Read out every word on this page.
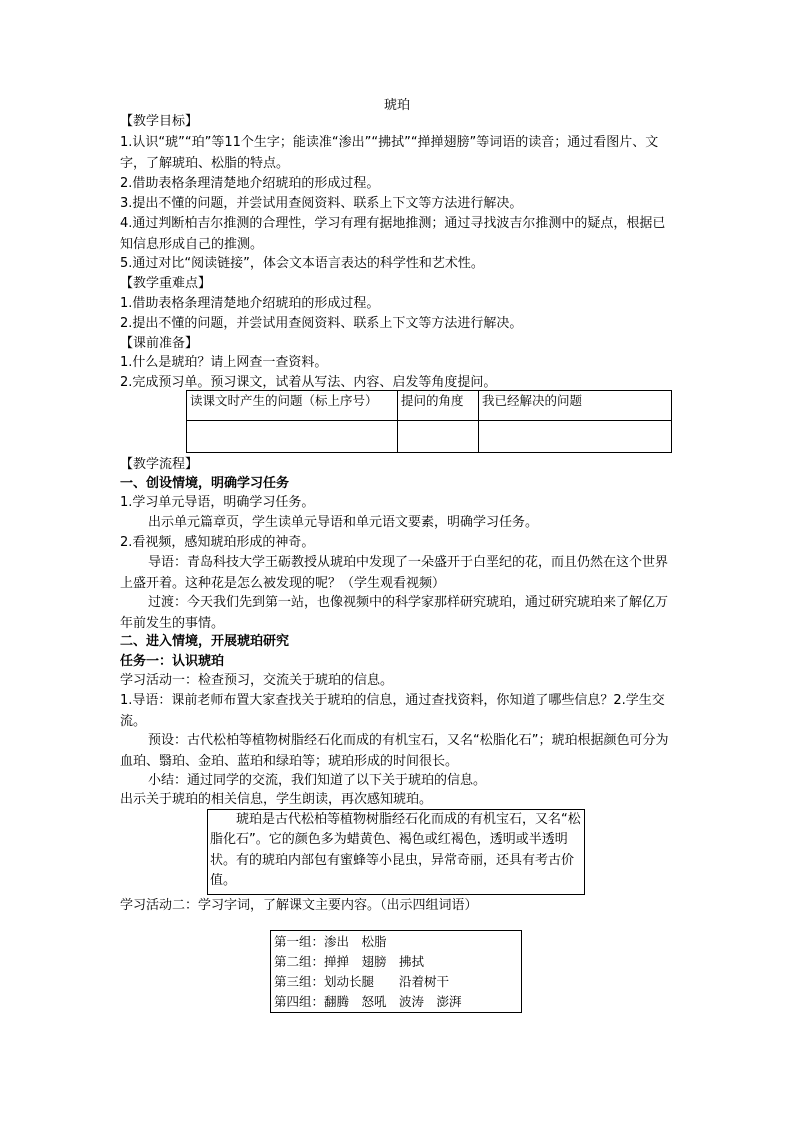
琥珀

【教学目标】

1.认识“琥”“珀”等11个生字；能读准“渗出”“拂拭”“掸掸翅膀”等词语的读音；通过看图片、文字，了解琥珀、松脂的特点。

2.借助表格条理清楚地介绍琥珀的形成过程。

3.提出不懂的问题，并尝试用查阅资料、联系上下文等方法进行解决。

4.通过判断柏吉尔推测的合理性，学习有理有据地推测；通过寻找波吉尔推测中的疑点，根据已知信息形成自己的推测。

5.通过对比“阅读链接”，体会文本语言表达的科学性和艺术性。

【教学重难点】

1.借助表格条理清楚地介绍琥珀的形成过程。

2.提出不懂的问题，并尝试用查阅资料、联系上下文等方法进行解决。

【课前准备】

1.什么是琥珀？请上网查一查资料。

2.完成预习单。预习课文，试着从写法、内容、启发等角度提问。

读课文时产生的问题（标上序号）	提问的角度	我已经解决的问题

【教学流程】

一、创设情境，明确学习任务

1.学习单元导语，明确学习任务。

出示单元篇章页，学生读单元导语和单元语文要素，明确学习任务。

2.看视频，感知琥珀形成的神奇。

导语：青岛科技大学王砺教授从琥珀中发现了一朵盛开于白垩纪的花，而且仍然在这个世界上盛开着。这种花是怎么被发现的呢？（学生观看视频）

过渡：今天我们先到第一站，也像视频中的科学家那样研究琥珀，通过研究琥珀来了解亿万年前发生的事情。

二、进入情境，开展琥珀研究

任务一：认识琥珀

学习活动一：检查预习，交流关于琥珀的信息。

1.导语：课前老师布置大家查找关于琥珀的信息，通过查找资料，你知道了哪些信息？2.学生交流。

预设：古代松柏等植物树脂经石化而成的有机宝石，又名“松脂化石”；琥珀根据颜色可分为血珀、翳珀、金珀、蓝珀和绿珀等；琥珀形成的时间很长。

小结：通过同学的交流，我们知道了以下关于琥珀的信息。

出示关于琥珀的相关信息，学生朗读，再次感知琥珀。

琥珀是古代松柏等植物树脂经石化而成的有机宝石，又名“松脂化石”。它的颜色多为蜡黄色、褐色或红褐色，透明或半透明状。有的琥珀内部包有蜜蜂等小昆虫，异常奇丽，还具有考古价值。

学习活动二：学习字词，了解课文主要内容。（出示四组词语）

第一组：渗出　松脂
第二组：掸掸　翅膀　拂拭
第三组：划动长腿　　沿着树干
第四组：翻腾　怒吼　波涛　澎湃
